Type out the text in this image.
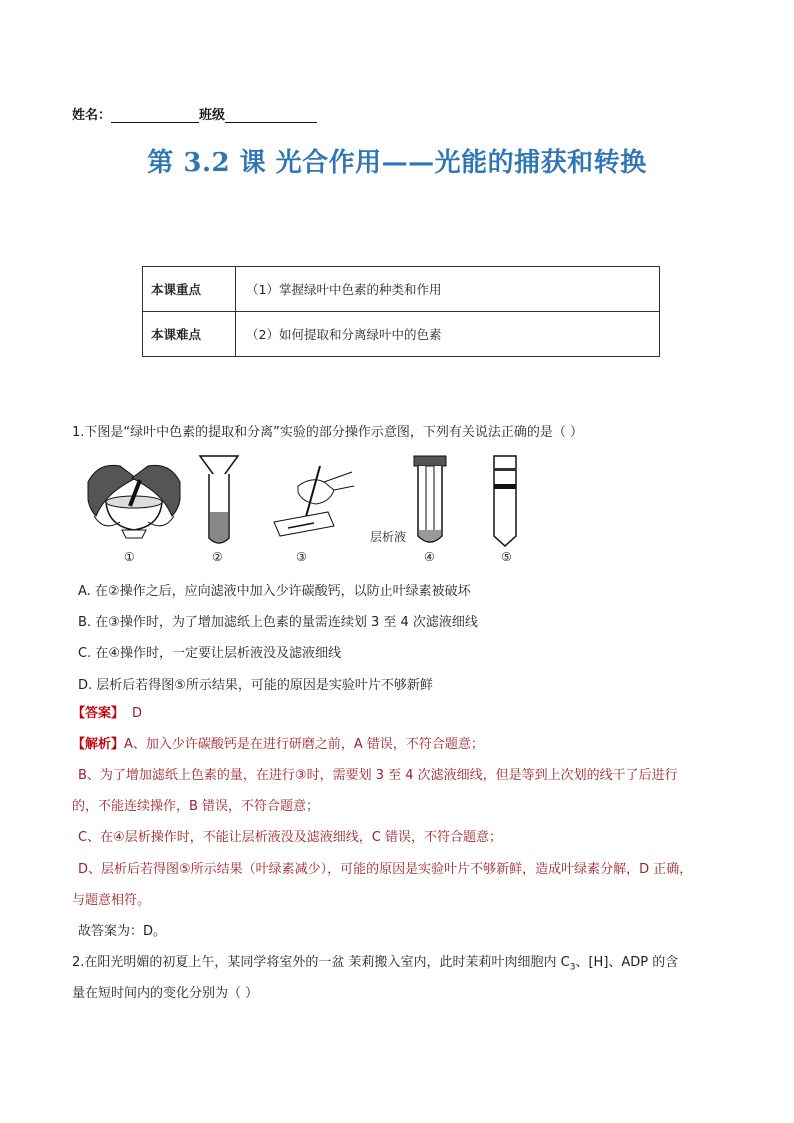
姓名：	班级
第 3.2 课 光合作用——光能的捕获和转换
本课重点	（1）掌握绿叶中色素的种类和作用
本课难点	（2）如何提取和分离绿叶中的色素
1.下图是“绿叶中色素的提取和分离”实验的部分操作示意图，下列有关说法正确的是（ ）
①	②	③
层析液
④	⑤
A. 在②操作之后，应向滤液中加入少许碳酸钙，以防止叶绿素被破坏
B. 在③操作时，为了增加滤纸上色素的量需连续划 3 至 4 次滤液细线
C. 在④操作时，一定要让层析液没及滤液细线
D. 层析后若得图⑤所示结果，可能的原因是实验叶片不够新鲜
【答案】 D
【解析】A、加入少许碳酸钙是在进行研磨之前，A 错误，不符合题意；
B、为了增加滤纸上色素的量，在进行③时，需要划 3 至 4 次滤液细线，但是等到上次划的线干了后进行
的，不能连续操作，B 错误，不符合题意；
C、在④层析操作时，不能让层析液没及滤液细线，C 错误，不符合题意；
D、层析后若得图⑤所示结果（叶绿素减少），可能的原因是实验叶片不够新鲜，造成叶绿素分解，D 正确，
与题意相符。
故答案为：D。
2.在阳光明媚的初夏上午，某同学将室外的一盆 茉莉搬入室内，此时茉莉叶肉细胞内 $C_3$、[H]、ADP 的含
量在短时间内的变化分别为（ ）
